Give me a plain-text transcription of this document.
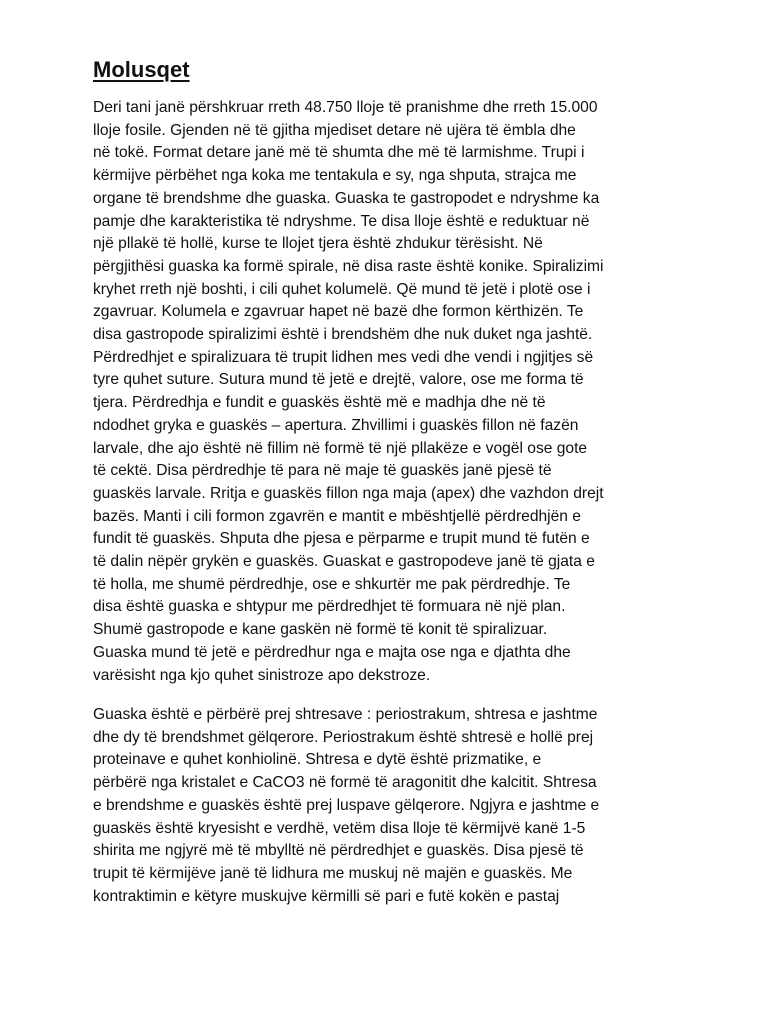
Molusqet

Deri tani janë përshkruar rreth 48.750 lloje të pranishme dhe rreth 15.000
lloje fosile. Gjenden në të gjitha mjediset detare në ujëra të ëmbla dhe
në tokë. Format detare janë më të shumta dhe më të larmishme. Trupi i
kërmijve përbëhet nga koka me tentakula e sy, nga shputa, strajca me
organe të brendshme dhe guaska. Guaska te gastropodet e ndryshme ka
pamje dhe karakteristika të ndryshme. Te disa lloje është e reduktuar në
një pllakë të hollë, kurse te llojet tjera është zhdukur tërësisht. Në
përgjithësi guaska ka formë spirale, në disa raste është konike. Spiralizimi
kryhet rreth një boshti, i cili quhet kolumelë. Që mund të jetë i plotë ose i
zgavruar. Kolumela e zgavruar hapet në bazë dhe formon kërthizën. Te
disa gastropode spiralizimi është i brendshëm dhe nuk duket nga jashtë.
Përdredhjet e spiralizuara të trupit lidhen mes vedi dhe vendi i ngjitjes së
tyre quhet suture. Sutura mund të jetë e drejtë, valore, ose me forma të
tjera. Përdredhja e fundit e guaskës është më e madhja dhe në të
ndodhet gryka e guaskës – apertura. Zhvillimi i guaskës fillon në fazën
larvale, dhe ajo është në fillim në formë të një pllakëze e vogël ose gote
të cektë. Disa përdredhje të para në maje të guaskës janë pjesë të
guaskës larvale. Rritja e guaskës fillon nga maja (apex) dhe vazhdon drejt
bazës. Manti i cili formon zgavrën e mantit e mbështjellë përdredhjën e
fundit të guaskës. Shputa dhe pjesa e përparme e trupit mund të futën e
të dalin nëpër grykën e guaskës. Guaskat e gastropodeve janë të gjata e
të holla, me shumë përdredhje, ose e shkurtër me pak përdredhje. Te
disa është guaska e shtypur me përdredhjet të formuara në një plan.
Shumë gastropode e kane gaskën në formë të konit të spiralizuar.
Guaska mund të jetë e përdredhur nga e majta ose nga e djathta dhe
varësisht nga kjo quhet sinistroze apo dekstroze.

Guaska është e përbërë prej shtresave : periostrakum, shtresa e jashtme
dhe dy të brendshmet gëlqerore. Periostrakum është shtresë e hollë prej
proteinave e quhet konhiolinë. Shtresa e dytë është prizmatike, e
përbërë nga kristalet e CaCO3 në formë të aragonitit dhe kalcitit. Shtresa
e brendshme e guaskës është prej luspave gëlqerore. Ngjyra e jashtme e
guaskës është kryesisht e verdhë, vetëm disa lloje të kërmijvë kanë 1-5
shirita me ngjyrë më të mbylltë në përdredhjet e guaskës. Disa pjesë të
trupit të kërmijëve janë të lidhura me muskuj në majën e guaskës. Me
kontraktimin e këtyre muskujve kërmilli së pari e futë kokën e pastaj
